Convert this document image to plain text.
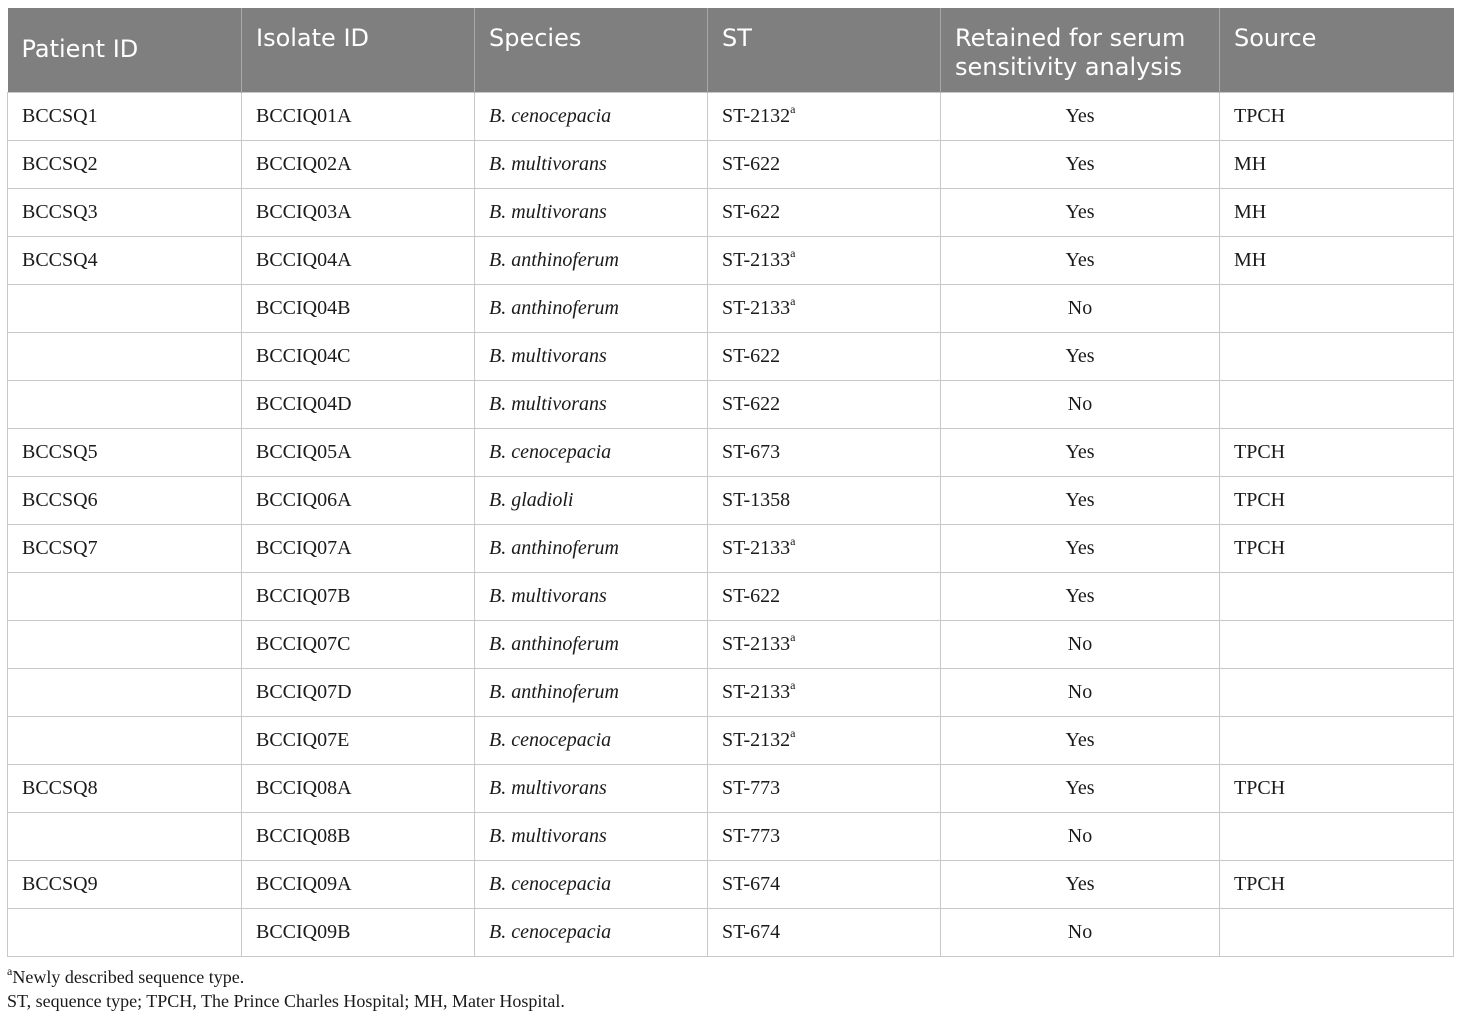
Patient ID	Isolate ID	Species	ST	Retained for serum sensitivity analysis	Source
BCCSQ1	BCCIQ01A	B. cenocepacia	ST-2132$^a$	Yes	TPCH
BCCSQ2	BCCIQ02A	B. multivorans	ST-622	Yes	MH
BCCSQ3	BCCIQ03A	B. multivorans	ST-622	Yes	MH
BCCSQ4	BCCIQ04A	B. anthinoferum	ST-2133$^a$	Yes	MH
	BCCIQ04B	B. anthinoferum	ST-2133$^a$	No	
	BCCIQ04C	B. multivorans	ST-622	Yes	
	BCCIQ04D	B. multivorans	ST-622	No	
BCCSQ5	BCCIQ05A	B. cenocepacia	ST-673	Yes	TPCH
BCCSQ6	BCCIQ06A	B. gladioli	ST-1358	Yes	TPCH
BCCSQ7	BCCIQ07A	B. anthinoferum	ST-2133$^a$	Yes	TPCH
	BCCIQ07B	B. multivorans	ST-622	Yes	
	BCCIQ07C	B. anthinoferum	ST-2133$^a$	No	
	BCCIQ07D	B. anthinoferum	ST-2133$^a$	No	
	BCCIQ07E	B. cenocepacia	ST-2132$^a$	Yes	
BCCSQ8	BCCIQ08A	B. multivorans	ST-773	Yes	TPCH
	BCCIQ08B	B. multivorans	ST-773	No	
BCCSQ9	BCCIQ09A	B. cenocepacia	ST-674	Yes	TPCH
	BCCIQ09B	B. cenocepacia	ST-674	No	

$^a$Newly described sequence type.

ST, sequence type; TPCH, The Prince Charles Hospital; MH, Mater Hospital.
